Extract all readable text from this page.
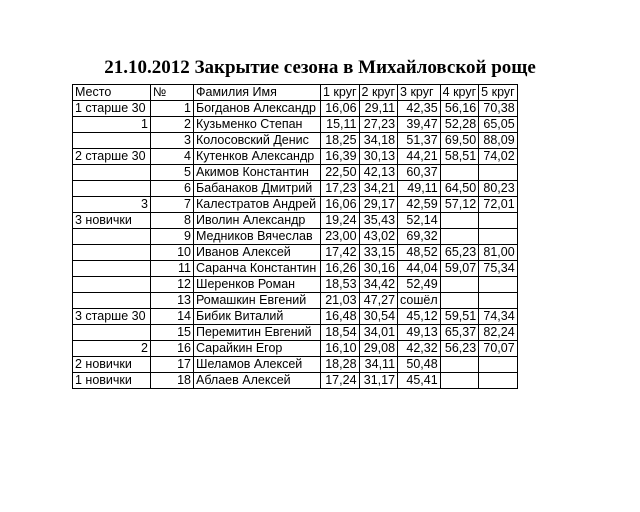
21.10.2012 Закрытие сезона в Михайловской роще
Место	№	Фамилия Имя	1 круг	2 круг	3 круг	4 круг	5 круг
1 старше 30	1	Богданов Александр	16,06	29,11	42,35	56,16	70,38
1	2	Кузьменко Степан	15,11	27,23	39,47	52,28	65,05
	3	Колосовский Денис	18,25	34,18	51,37	69,50	88,09
2 старше 30	4	Кутенков Александр	16,39	30,13	44,21	58,51	74,02
	5	Акимов Константин	22,50	42,13	60,37		
	6	Бабанаков Дмитрий	17,23	34,21	49,11	64,50	80,23
3	7	Калестратов Андрей	16,06	29,17	42,59	57,12	72,01
3 новички	8	Иволин Александр	19,24	35,43	52,14		
	9	Медников Вячеслав	23,00	43,02	69,32		
	10	Иванов Алексей	17,42	33,15	48,52	65,23	81,00
	11	Саранча Константин	16,26	30,16	44,04	59,07	75,34
	12	Шеренков Роман	18,53	34,42	52,49		
	13	Ромашкин Евгений	21,03	47,27	сошёл		
3 старше 30	14	Бибик Виталий	16,48	30,54	45,12	59,51	74,34
	15	Перемитин Евгений	18,54	34,01	49,13	65,37	82,24
2	16	Сарайкин Егор	16,10	29,08	42,32	56,23	70,07
2 новички	17	Шеламов Алексей	18,28	34,11	50,48		
1 новички	18	Аблаев Алексей	17,24	31,17	45,41		
